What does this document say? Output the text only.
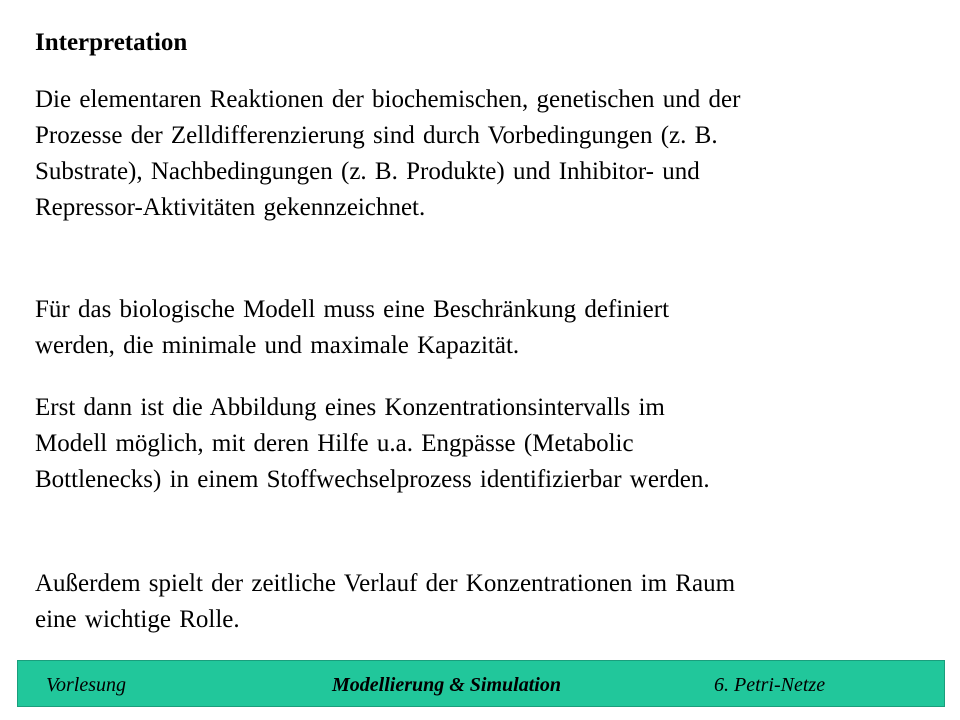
Interpretation

Die elementaren Reaktionen der biochemischen, genetischen und der
Prozesse der Zelldifferenzierung sind durch Vorbedingungen (z. B.
Substrate), Nachbedingungen (z. B. Produkte) und Inhibitor- und
Repressor-Aktivitäten gekennzeichnet.

Für das biologische Modell muss eine Beschränkung definiert
werden, die minimale und maximale Kapazität.

Erst dann ist die Abbildung eines Konzentrationsintervalls im
Modell möglich, mit deren Hilfe u.a. Engpässe (Metabolic
Bottlenecks) in einem Stoffwechselprozess identifizierbar werden.

Außerdem spielt der zeitliche Verlauf der Konzentrationen im Raum
eine wichtige Rolle.

Vorlesung	Modellierung & Simulation	6. Petri-Netze
